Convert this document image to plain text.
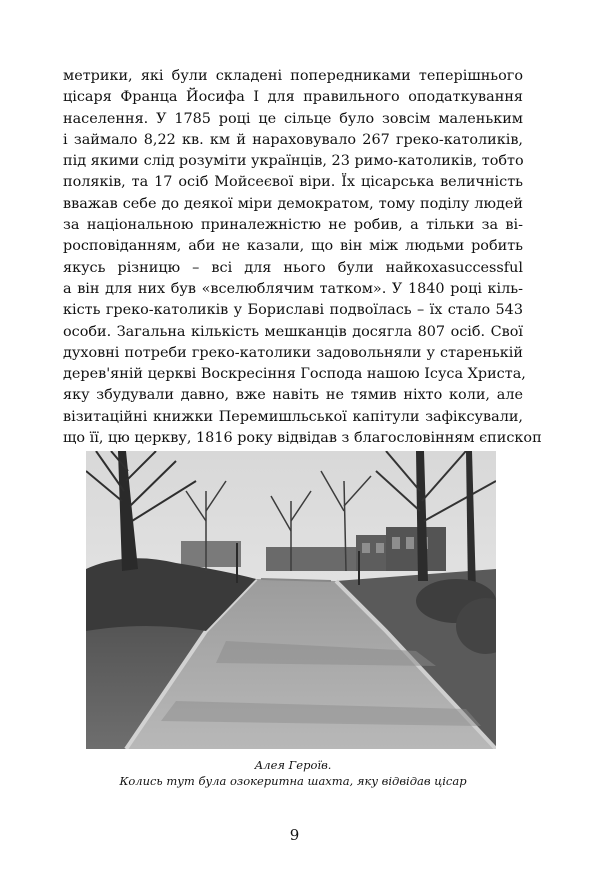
метрики, які були складені попередниками теперішнього
цісаря Франца Йосифа І для правильного оподаткування
населення. У 1785 році це сільце було зовсім маленьким
і займало 8,22 кв. км й нараховувало 267 греко-католиків,
під якими слід розуміти українців, 23 римо-католиків, тобто
поляків, та 17 осіб Мойсеєвої віри. Їх цісарська величність
вважав себе до деякої міри демократом, тому поділу людей
за національною приналежністю не робив, а тільки за ві-
росповіданням, аби не казали, що він між людьми робить
якусь різницю – всі для нього були найкохаsuccessful
а він для них був «вселюблячим татком». У 1840 році кіль-
кість греко-католиків у Бориславі подвоїлась – їх стало 543
особи. Загальна кількість мешканців досягла 807 осіб. Свої
духовні потреби греко-католики задовольняли у старенькій
дерев'яній церкві Воскресіння Господа нашою Ісуса Христа,
яку збудували давно, вже навіть не тямив ніхто коли, але
візитаційні книжки Перемишльської капітули зафіксували,
що її, цю церкву, 1816 року відвідав з благословінням єпископ
Алея Героїв.
Колись тут була озокеритна шахта, яку відвідав цісар
9
